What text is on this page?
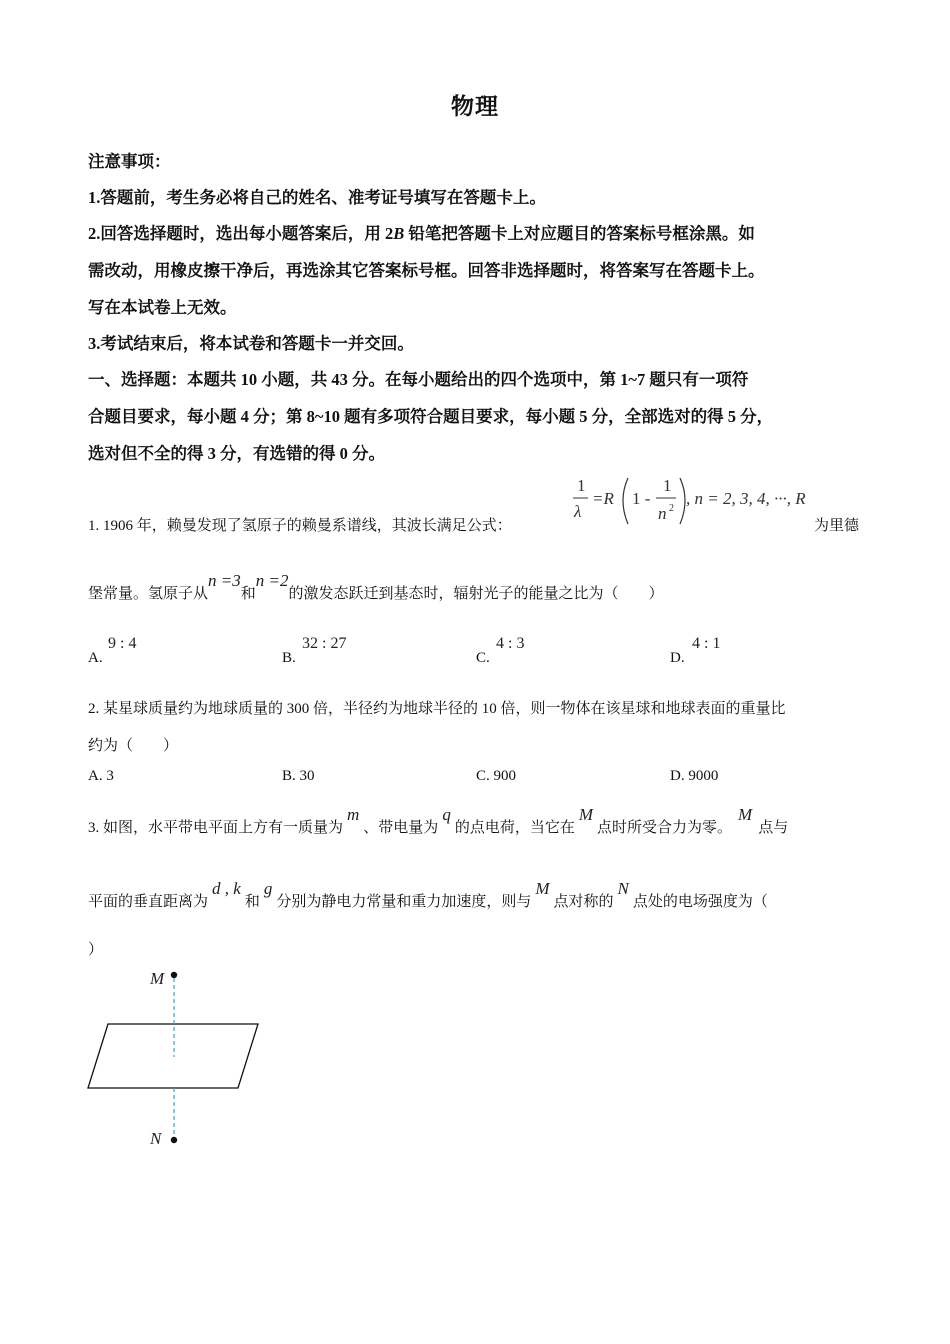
物理
注意事项：
1.答题前，考生务必将自己的姓名、准考证号填写在答题卡上。
2.回答选择题时，选出每小题答案后，用 2B 铅笔把答题卡上对应题目的答案标号框涂黑。如
需改动，用橡皮擦干净后，再选涂其它答案标号框。回答非选择题时，将答案写在答题卡上。
写在本试卷上无效。
3.考试结束后，将本试卷和答题卡一并交回。
一、选择题：本题共 10 小题，共 43 分。在每小题给出的四个选项中，第 1~7 题只有一项符
合题目要求，每小题 4 分；第 8~10 题有多项符合题目要求，每小题 5 分，全部选对的得 5 分，
选对但不全的得 3 分，有选错的得 0 分。
1. 1906 年，赖曼发现了氢原子的赖曼系谱线，其波长满足公式：
1
λ
=R 1 -
1
n 2
, n = 2, 3, 4, ···, R
为里德
堡常量。氢原子从n =3和n =2的激发态跃迁到基态时，辐射光子的能量之比为（　　）
A.
9 : 4
B.
32 : 27
C.
4 : 3
D.
4 : 1
2. 某星球质量约为地球质量的 300 倍，半径约为地球半径的 10 倍，则一物体在该星球和地球表面的重量比
约为（　　）
A. 3	B. 30	C. 900	D. 9000
3. 如图，水平带电平面上方有一质量为m、带电量为q的点电荷，当它在M点时所受合力为零。M点与
平面的垂直距离为d , k和g分别为静电力常量和重力加速度，则与M点对称的N点处的电场强度为（
）
M
N
